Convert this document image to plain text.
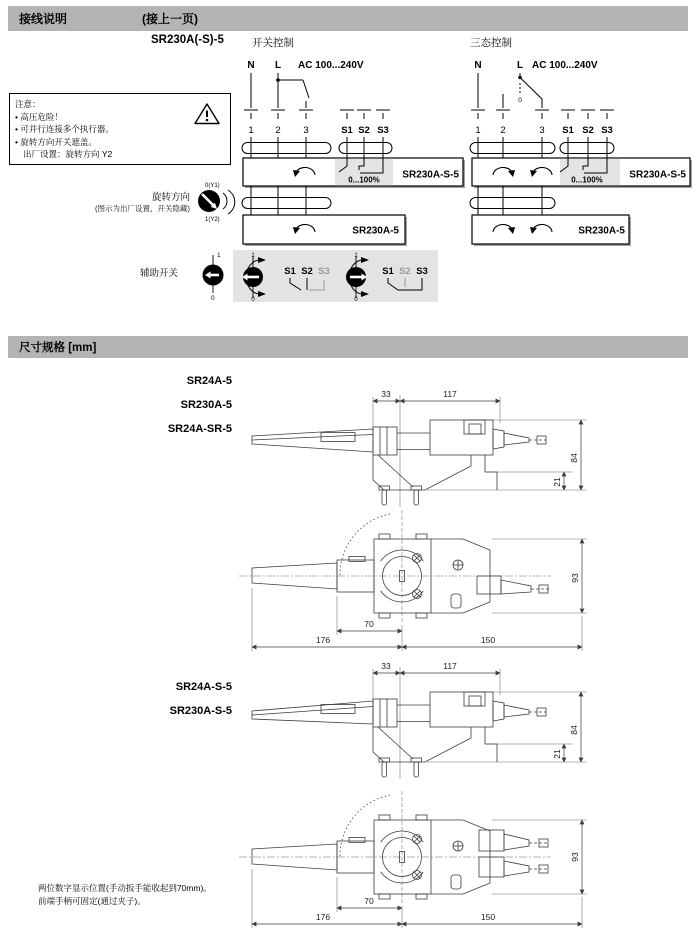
接线说明	(接上一页)
SR230A(-S)-5	开关控制	三态控制
注意：
• 高压危险！
• 可并行连接多个执行器。
• 旋转方向开关遮盖。
出厂设置：旋转方向 Y2
N L AC 100...240V
1 2 3	S1 S2 S3
0...100% SR230A-S-5
SR230A-5
N	L AC 100...240V
0
1 2	3 S1 S2 S3
0...100%	SR230A-S-5
SR230A-5
旋转方向
(图示为出厂设置，开关隐藏)
0(Y1)
1(Y2)
辅助开关
1
0
1
0
S1 S2 S3
1
0
S1 S2 S3
尺寸规格 [mm]
SR24A-5
SR230A-5
SR24A-SR-5
SR24A-S-5
SR230A-S-5
33	117
84
21
70
176	150
93
33	117
84
21
70
176	150
93
两位数字显示位置(手动扳手能收起到70mm)。
前端手柄可固定(通过夹子)。
